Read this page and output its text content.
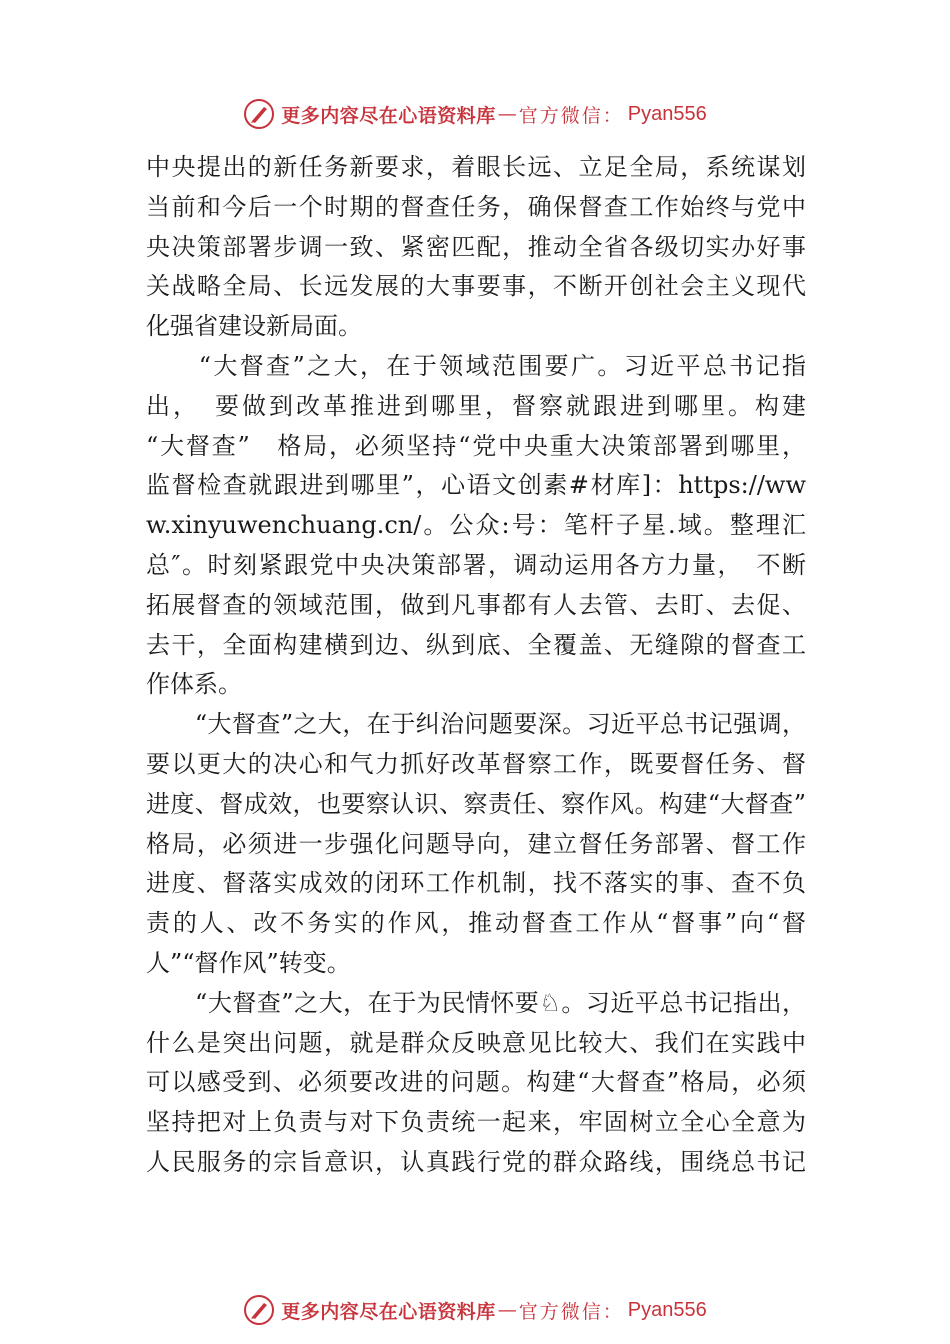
更多内容尽在心语资料库 — 官方微信： Pyan556
中央提出的新任务新要求，着眼长远、立足全局，系统谋划
当前和今后一个时期的督查任务，确保督查工作始终与党中
央决策部署步调一致、紧密匹配，推动全省各级切实办好事
关战略全局、长远发展的大事要事，不断开创社会主义现代
化强省建设新局面。
　　“大督查”之大，在于领域范围要广。习近平总书记指
出，　要做到改革推进到哪里，督察就跟进到哪里。构建
“大督查”　格局，必须坚持“党中央重大决策部署到哪里，
监督检查就跟进到哪里”，心语文创素#材库]：https://ww
w.xinyuwenchuang.cn/。公众:号：笔杆子星.域。整理汇
总″。时刻紧跟党中央决策部署，调动运用各方力量，　不断
拓展督查的领域范围，做到凡事都有人去管、去盯、去促、
去干，全面构建横到边、纵到底、全覆盖、无缝隙的督查工
作体系。
　　“大督查”之大，在于纠治问题要深。习近平总书记强调，
要以更大的决心和气力抓好改革督察工作，既要督任务、督
进度、督成效，也要察认识、察责任、察作风。构建“大督查”
格局，必须进一步强化问题导向，建立督任务部署、督工作
进度、督落实成效的闭环工作机制，找不落实的事、查不负
责的人、改不务实的作风，推动督查工作从“督事”向“督
人”“督作风”转变。
　　“大督查”之大，在于为民情怀要♘。习近平总书记指出，
什么是突出问题，就是群众反映意见比较大、我们在实践中
可以感受到、必须要改进的问题。构建“大督查”格局，必须
坚持把对上负责与对下负责统一起来，牢固树立全心全意为
人民服务的宗旨意识，认真践行党的群众路线，围绕总书记
更多内容尽在心语资料库 — 官方微信： Pyan556
